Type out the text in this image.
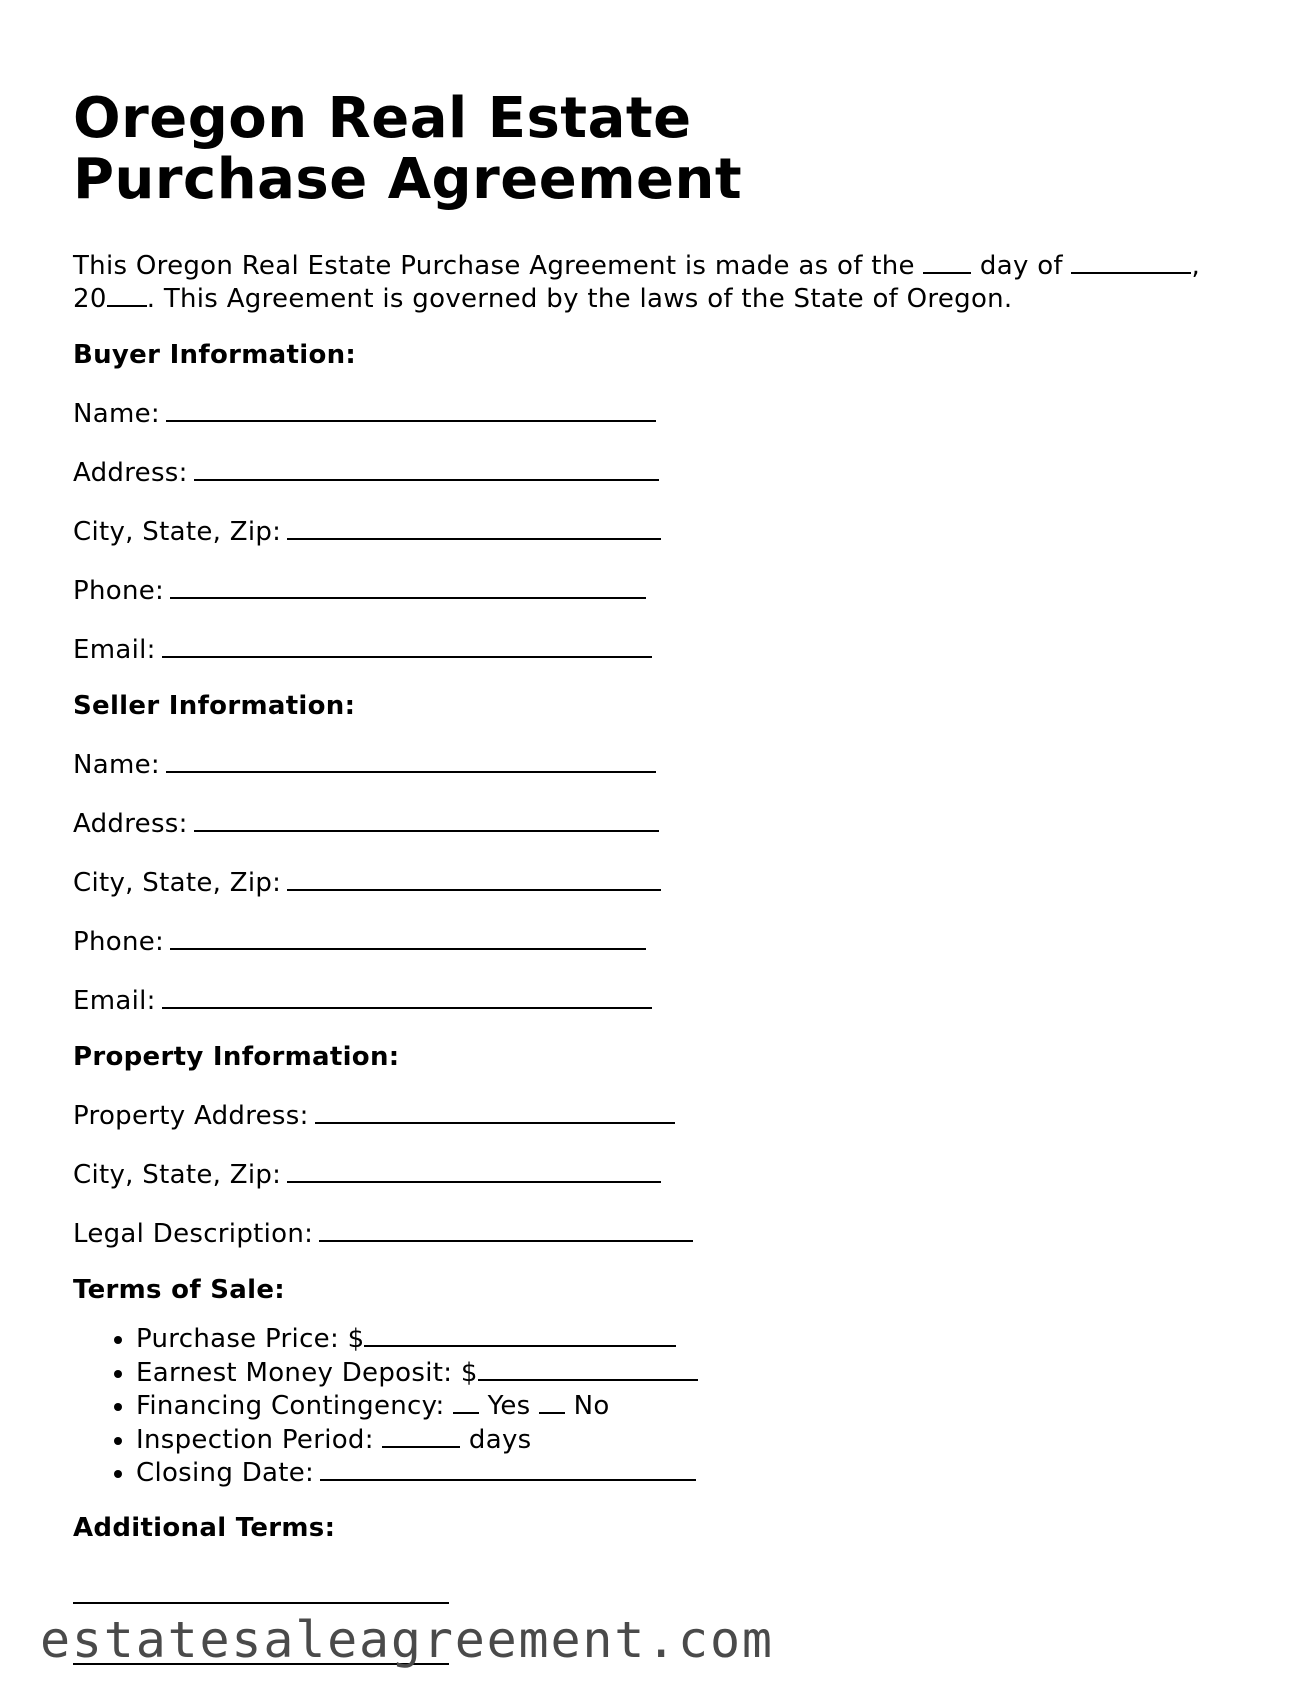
Oregon Real Estate Purchase Agreement

This Oregon Real Estate Purchase Agreement is made as of the  day of	, 20 . This Agreement is governed by the laws of the State of Oregon.

Buyer Information:
Name:
Address:
City, State, Zip:
Phone:
Email:
Seller Information:
Name:
Address:
City, State, Zip:
Phone:
Email:
Property Information:
Property Address:
City, State, Zip:
Legal Description:
Terms of Sale:
• Purchase Price: $
• Earnest Money Deposit: $
• Financing Contingency:  Yes  No
• Inspection Period:	days
• Closing Date:
Additional Terms:
estatesaleagreement.com
